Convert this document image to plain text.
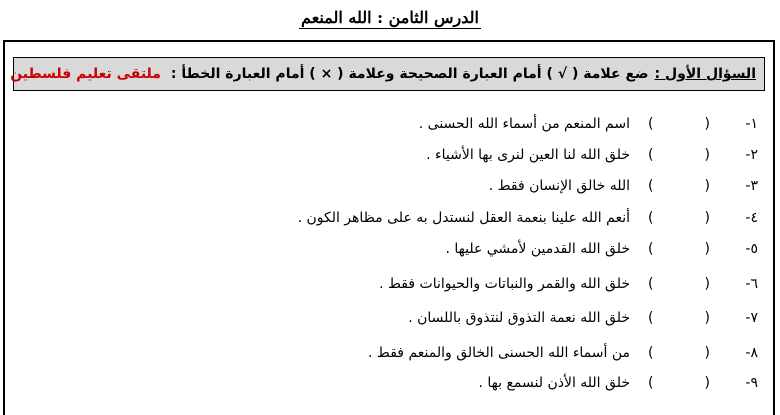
الدرس الثامن : الله المنعم
السؤال الأول :
ضع علامة ( √ ) أمام العبارة الصحيحة وعلامة ( × ) أمام العبارة الخطأ :
ملتقى تعليم فلسطين
١-
(
)
اسم المنعم من أسماء الله الحسنى .
٢-
(
)
خلق الله لنا العين لنرى بها الأشياء .
٣-
(
)
الله خالق الإنسان فقط .
٤-
(
)
أنعم الله علينا بنعمة العقل لنستدل به على مظاهر الكون .
٥-
(
)
خلق الله القدمين لأمشي عليها .
٦-
(
)
خلق الله والقمر والنباتات والحيوانات فقط .
٧-
(
)
خلق الله نعمة التذوق لنتذوق باللسان .
٨-
(
)
من أسماء الله الحسنى الخالق والمنعم فقط .
٩-
(
)
خلق الله الأذن لنسمع بها .
